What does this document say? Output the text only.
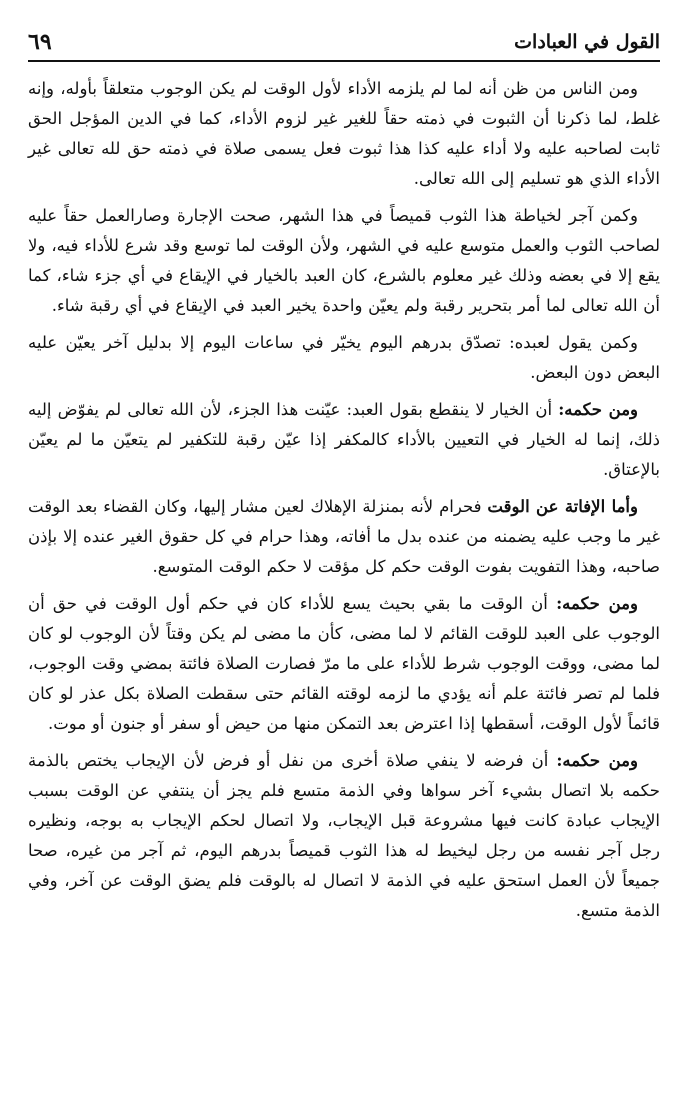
القول في العبادات
٦٩

ومن الناس من ظن أنه لما لم يلزمه الأداء لأول الوقت لم يكن الوجوب متعلقاً بأوله، وإنه غلط، لما ذكرنا أن الثبوت في ذمته حقاً للغير غير لزوم الأداء، كما في الدين المؤجل الحق ثابت لصاحبه عليه ولا أداء عليه كذا هذا ثبوت فعل يسمى صلاة في ذمته حق لله تعالى غير الأداء الذي هو تسليم إلى الله تعالى.

وكمن آجر لخياطة هذا الثوب قميصاً في هذا الشهر، صحت الإجارة وصارالعمل حقاً عليه لصاحب الثوب والعمل متوسع عليه في الشهر، ولأن الوقت لما توسع وقد شرع للأداء فيه، ولا يقع إلا في بعضه وذلك غير معلوم بالشرع، كان العبد بالخيار في الإيقاع في أي جزء شاء، كما أن الله تعالى لما أمر بتحرير رقبة ولم يعيّن واحدة يخير العبد في الإيقاع في أي رقبة شاء.

وكمن يقول لعبده: تصدّق بدرهم اليوم يخيّر في ساعات اليوم إلا بدليل آخر يعيّن عليه البعض دون البعض.

ومن حكمه: أن الخيار لا ينقطع بقول العبد: عيّنت هذا الجزء، لأن الله تعالى لم يفوّض إليه ذلك، إنما له الخيار في التعيين بالأداء كالمكفر إذا عيّن رقبة للتكفير لم يتعيّن ما لم يعيّن بالإعتاق.

وأما الإفاتة عن الوقت فحرام لأنه بمنزلة الإهلاك لعين مشار إليها، وكان القضاء بعد الوقت غير ما وجب عليه يضمنه من عنده بدل ما أفاته، وهذا حرام في كل حقوق الغير عنده إلا بإذن صاحبه، وهذا التفويت بفوت الوقت حكم كل مؤقت لا حكم الوقت المتوسع.

ومن حكمه: أن الوقت ما بقي بحيث يسع للأداء كان في حكم أول الوقت في حق أن الوجوب على العبد للوقت القائم لا لما مضى، كأن ما مضى لم يكن وقتاً لأن الوجوب لو كان لما مضى، ووقت الوجوب شرط للأداء على ما مرّ فصارت الصلاة فائتة بمضي وقت الوجوب، فلما لم تصر فائتة علم أنه يؤدي ما لزمه لوقته القائم حتى سقطت الصلاة بكل عذر لو كان قائماً لأول الوقت، أسقطها إذا اعترض بعد التمكن منها من حيض أو سفر أو جنون أو موت.

ومن حكمه: أن فرضه لا ينفي صلاة أخرى من نفل أو فرض لأن الإيجاب يختص بالذمة حكمه بلا اتصال بشيء آخر سواها وفي الذمة متسع فلم يجز أن ينتفي عن الوقت بسبب الإيجاب عبادة كانت فيها مشروعة قبل الإيجاب، ولا اتصال لحكم الإيجاب به بوجه، ونظيره رجل آجر نفسه من رجل ليخيط له هذا الثوب قميصاً بدرهم اليوم، ثم آجر من غيره، صحا جميعاً لأن العمل استحق عليه في الذمة لا اتصال له بالوقت فلم يضق الوقت عن آخر، وفي الذمة متسع.
